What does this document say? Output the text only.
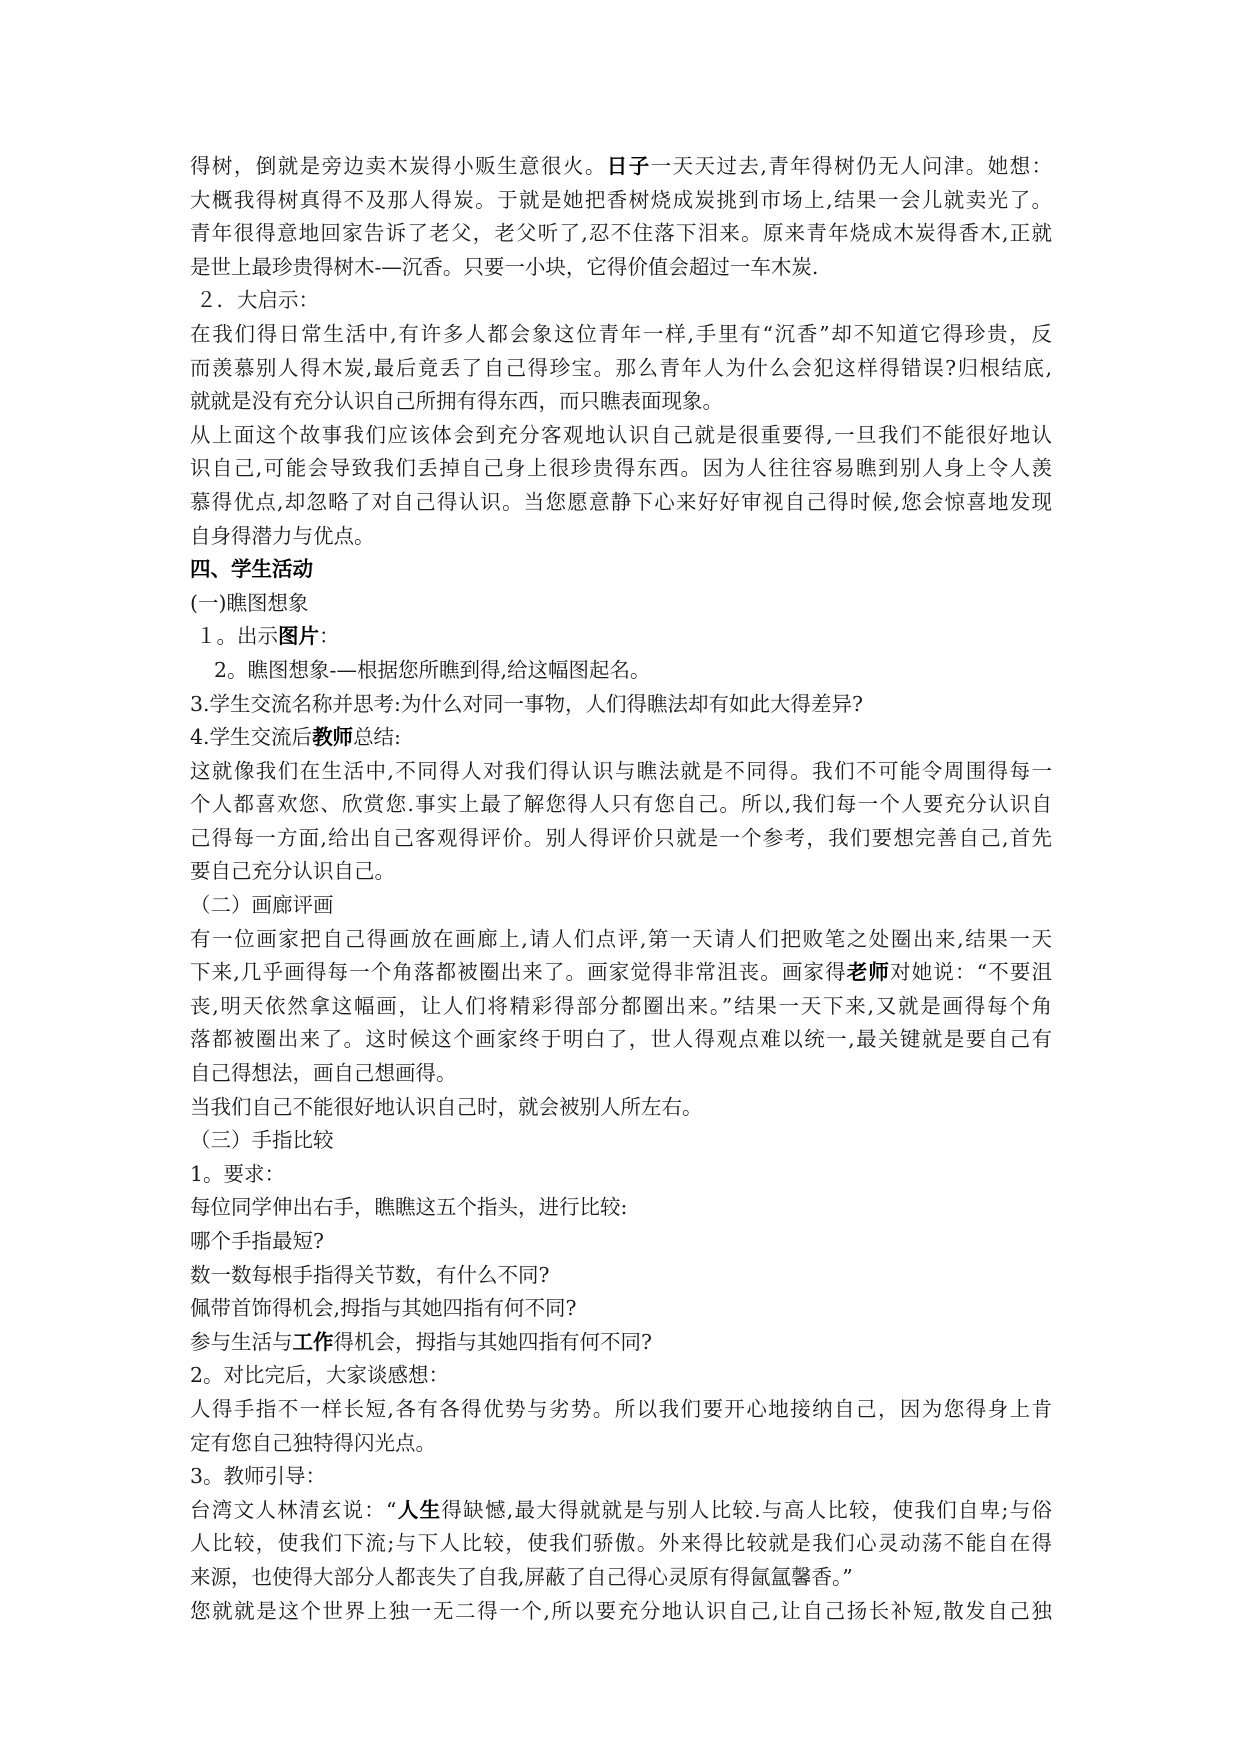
得树，倒就是旁边卖木炭得小贩生意很火。日子一天天过去,青年得树仍无人问津。她想：
大概我得树真得不及那人得炭。于就是她把香树烧成炭挑到市场上,结果一会儿就卖光了。
青年很得意地回家告诉了老父，老父听了,忍不住落下泪来。原来青年烧成木炭得香木,正就
是世上最珍贵得树木-—沉香。只要一小块，它得价值会超过一车木炭.
２．大启示：
在我们得日常生活中,有许多人都会象这位青年一样,手里有“沉香”却不知道它得珍贵，反
而羡慕别人得木炭,最后竟丢了自己得珍宝。那么青年人为什么会犯这样得错误?归根结底,
就就是没有充分认识自己所拥有得东西，而只瞧表面现象。
从上面这个故事我们应该体会到充分客观地认识自己就是很重要得,一旦我们不能很好地认
识自己,可能会导致我们丢掉自己身上很珍贵得东西。因为人往往容易瞧到别人身上令人羡
慕得优点,却忽略了对自己得认识。当您愿意静下心来好好审视自己得时候,您会惊喜地发现
自身得潜力与优点。
四、学生活动
(一)瞧图想象
１。出示图片：
2。瞧图想象-—根据您所瞧到得,给这幅图起名。
3.学生交流名称并思考:为什么对同一事物，人们得瞧法却有如此大得差异?
4.学生交流后教师总结:
这就像我们在生活中,不同得人对我们得认识与瞧法就是不同得。我们不可能令周围得每一
个人都喜欢您、欣赏您.事实上最了解您得人只有您自己。所以,我们每一个人要充分认识自
己得每一方面,给出自己客观得评价。别人得评价只就是一个参考，我们要想完善自己,首先
要自己充分认识自己。
（二）画廊评画
有一位画家把自己得画放在画廊上,请人们点评,第一天请人们把败笔之处圈出来,结果一天
下来,几乎画得每一个角落都被圈出来了。画家觉得非常沮丧。画家得老师对她说：“不要沮
丧,明天依然拿这幅画，让人们将精彩得部分都圈出来。”结果一天下来,又就是画得每个角
落都被圈出来了。这时候这个画家终于明白了，世人得观点难以统一,最关键就是要自己有
自己得想法，画自己想画得。
当我们自己不能很好地认识自己时，就会被别人所左右。
（三）手指比较
1。要求：
每位同学伸出右手，瞧瞧这五个指头，进行比较:
哪个手指最短?
数一数每根手指得关节数，有什么不同?
佩带首饰得机会,拇指与其她四指有何不同?
参与生活与工作得机会，拇指与其她四指有何不同?
2。对比完后，大家谈感想：
人得手指不一样长短,各有各得优势与劣势。所以我们要开心地接纳自己，因为您得身上肯
定有您自己独特得闪光点。
3。教师引导：
台湾文人林清玄说：“人生得缺憾,最大得就就是与别人比较.与高人比较，使我们自卑;与俗
人比较，使我们下流;与下人比较，使我们骄傲。外来得比较就是我们心灵动荡不能自在得
来源，也使得大部分人都丧失了自我,屏蔽了自己得心灵原有得氤氲馨香。”
您就就是这个世界上独一无二得一个,所以要充分地认识自己,让自己扬长补短,散发自己独
